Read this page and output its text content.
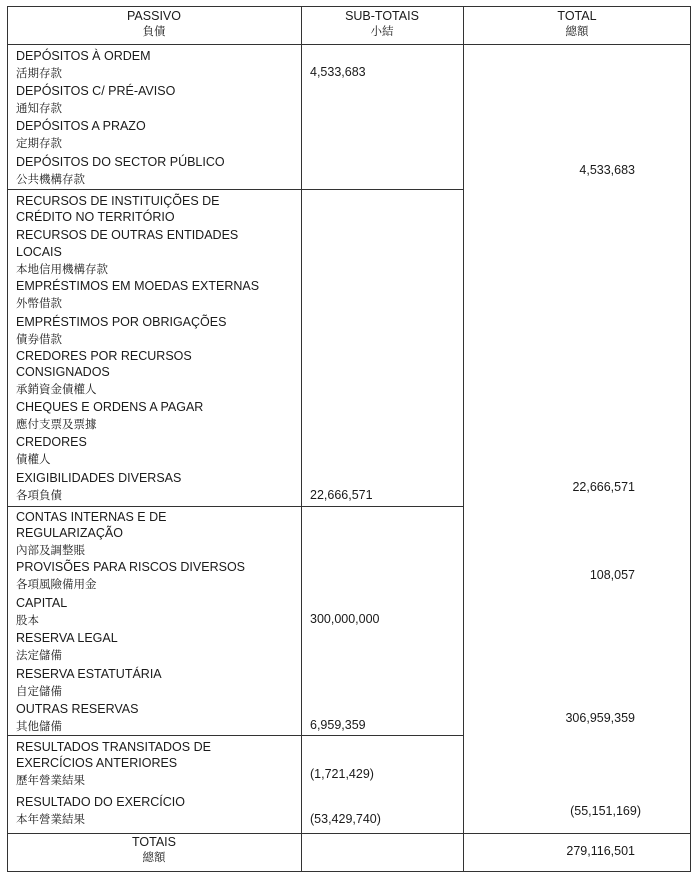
PASSIVO
負債
SUB-TOTAIS
小結
TOTAL
總額
DEPÓSITOS À ORDEM
活期存款
DEPÓSITOS C/ PRÉ-AVISO
通知存款
DEPÓSITOS A PRAZO
定期存款
DEPÓSITOS DO SECTOR PÚBLICO
公共機構存款
4,533,683
4,533,683
RECURSOS DE INSTITUIÇÕES DE
CRÉDITO NO TERRITÓRIO
RECURSOS DE OUTRAS ENTIDADES
LOCAIS
本地信用機構存款
EMPRÉSTIMOS EM MOEDAS EXTERNAS
外幣借款
EMPRÉSTIMOS POR OBRIGAÇÕES
債券借款
CREDORES POR RECURSOS
CONSIGNADOS
承銷資金債權人
CHEQUES E ORDENS A PAGAR
應付支票及票據
CREDORES
債權人
EXIGIBILIDADES DIVERSAS
各項負債	22,666,571
22,666,571
CONTAS INTERNAS E DE
REGULARIZAÇÃO
內部及調整賬
PROVISÕES PARA RISCOS DIVERSOS
各項風險備用金
CAPITAL
股本
RESERVA LEGAL
法定儲備
RESERVA ESTATUTÁRIA
自定儲備
OUTRAS RESERVAS
其他儲備
300,000,000
6,959,359
108,057
306,959,359
RESULTADOS TRANSITADOS DE
EXERCÍCIOS ANTERIORES
歷年營業結果
RESULTADO DO EXERCÍCIO
本年營業結果
(1,721,429)
(53,429,740)
(55,151,169)
TOTAIS
總額	279,116,501
